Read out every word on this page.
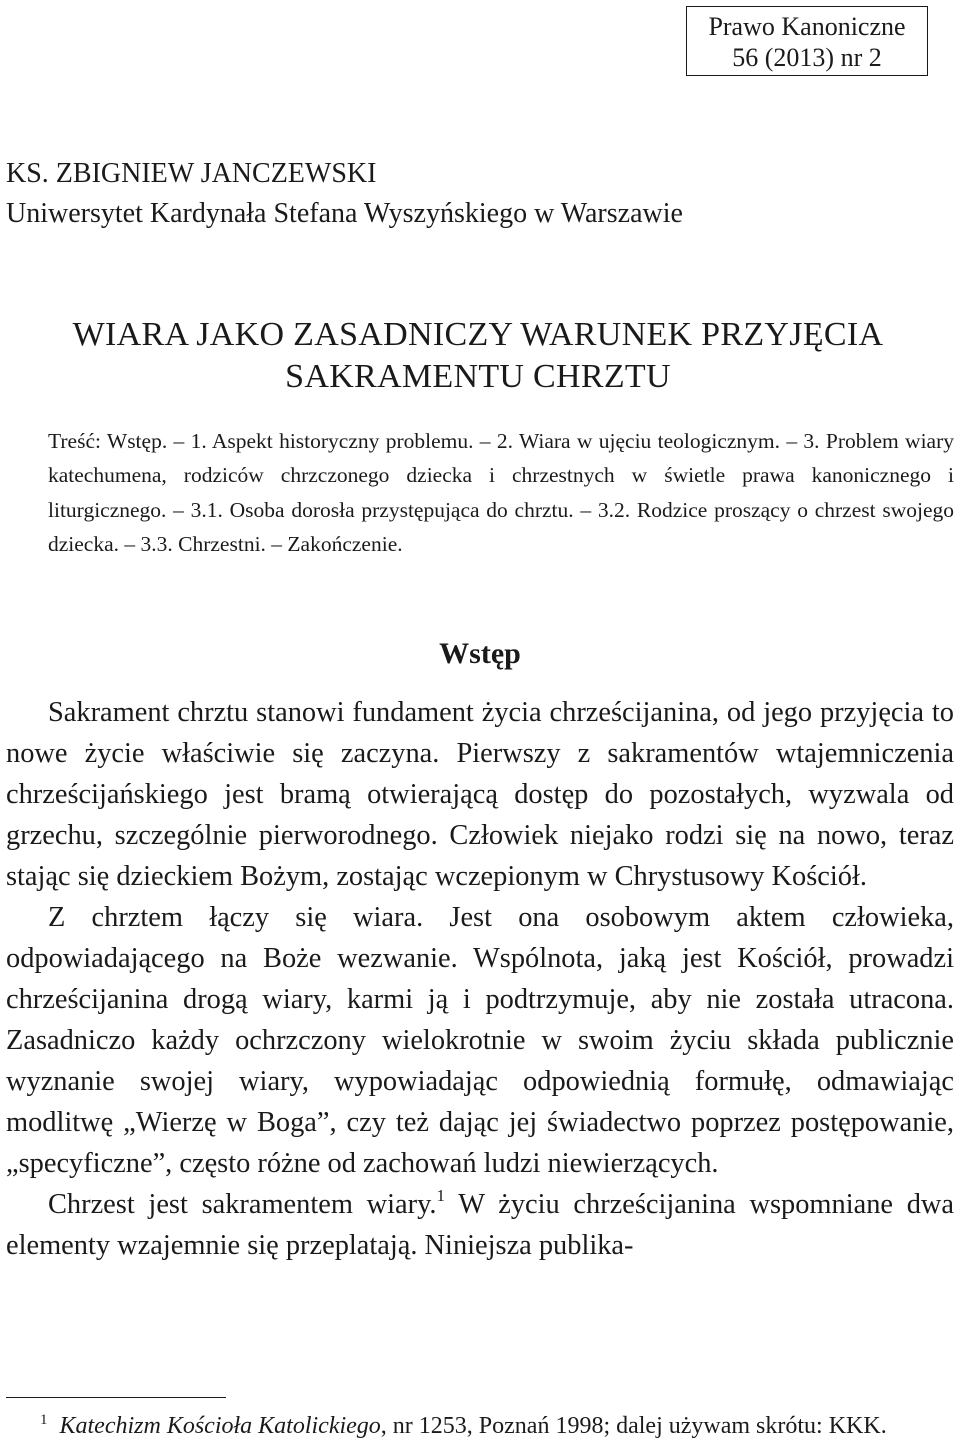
Prawo Kanoniczne
56 (2013) nr 2
KS. ZBIGNIEW JANCZEWSKI
Uniwersytet Kardynała Stefana Wyszyńskiego w Warszawie
WIARA JAKO ZASADNICZY WARUNEK PRZYJĘCIA
SAKRAMENTU CHRZTU
Treść: Wstęp. – 1. Aspekt historyczny problemu. – 2. Wiara w ujęciu teologicznym. – 3. Problem wiary katechumena, rodziców chrzczonego dziecka i chrzestnych w świetle prawa kanonicznego i liturgicznego. – 3.1. Osoba dorosła przystępująca do chrztu. – 3.2. Rodzice proszący o chrzest swojego dziecka. – 3.3. Chrzestni. – Zakończenie.
Wstęp

Sakrament chrztu stanowi fundament życia chrześcijanina, od jego przyjęcia to nowe życie właściwie się zaczyna. Pierwszy z sakramentów wtajemniczenia chrześcijańskiego jest bramą otwierającą dostęp do pozostałych, wyzwala od grzechu, szczególnie pierworodnego. Człowiek niejako rodzi się na nowo, teraz stając się dzieckiem Bożym, zostając wczepionym w Chrystusowy Kościół.

Z chrztem łączy się wiara. Jest ona osobowym aktem człowieka, odpowiadającego na Boże wezwanie. Wspólnota, jaką jest Kościół, prowadzi chrześcijanina drogą wiary, karmi ją i podtrzymuje, aby nie została utracona. Zasadniczo każdy ochrzczony wielokrotnie w swoim życiu składa publicznie wyznanie swojej wiary, wypowiadając odpowiednią formułę, odmawiając modlitwę „Wierzę w Boga”, czy też dając jej świadectwo poprzez postępowanie, „specyficzne”, często różne od zachowań ludzi niewierzących.

Chrzest jest sakramentem wiary.$^1$ W życiu chrześcijanina wspomniane dwa elementy wzajemnie się przeplatają. Niniejsza publika-

$^1$ Katechizm Kościoła Katolickiego, nr 1253, Poznań 1998; dalej używam skrótu: KKK.
